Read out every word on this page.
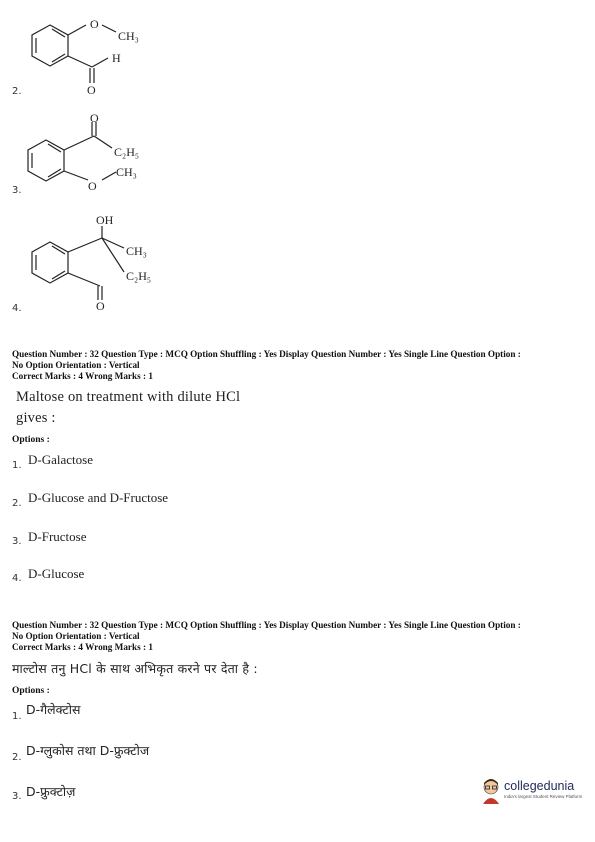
O
CH₃
H
O
2.
O
C₂H₅
O
CH₃
3.
OH
CH₃
C₂H₅
O
4.
Question Number : 32 Question Type : MCQ Option Shuffling : Yes Display Question Number : Yes Single Line Question Option :
No Option Orientation : Vertical
Correct Marks : 4 Wrong Marks : 1
Maltose on treatment with dilute HCl
gives :
Options :
1. D-Galactose
2. D-Glucose and D-Fructose
3. D-Fructose
4. D-Glucose
Question Number : 32 Question Type : MCQ Option Shuffling : Yes Display Question Number : Yes Single Line Question Option :
No Option Orientation : Vertical
Correct Marks : 4 Wrong Marks : 1
माल्टोस तनु HCl के साथ अभिकृत करने पर देता है :
Options :
1. D-गैलेक्टोस
2. D-ग्लुकोस तथा D-फ्रुक्टोज
3. D-फ्रुक्टोज़	collegedunia
India's largest Student Review Platform
